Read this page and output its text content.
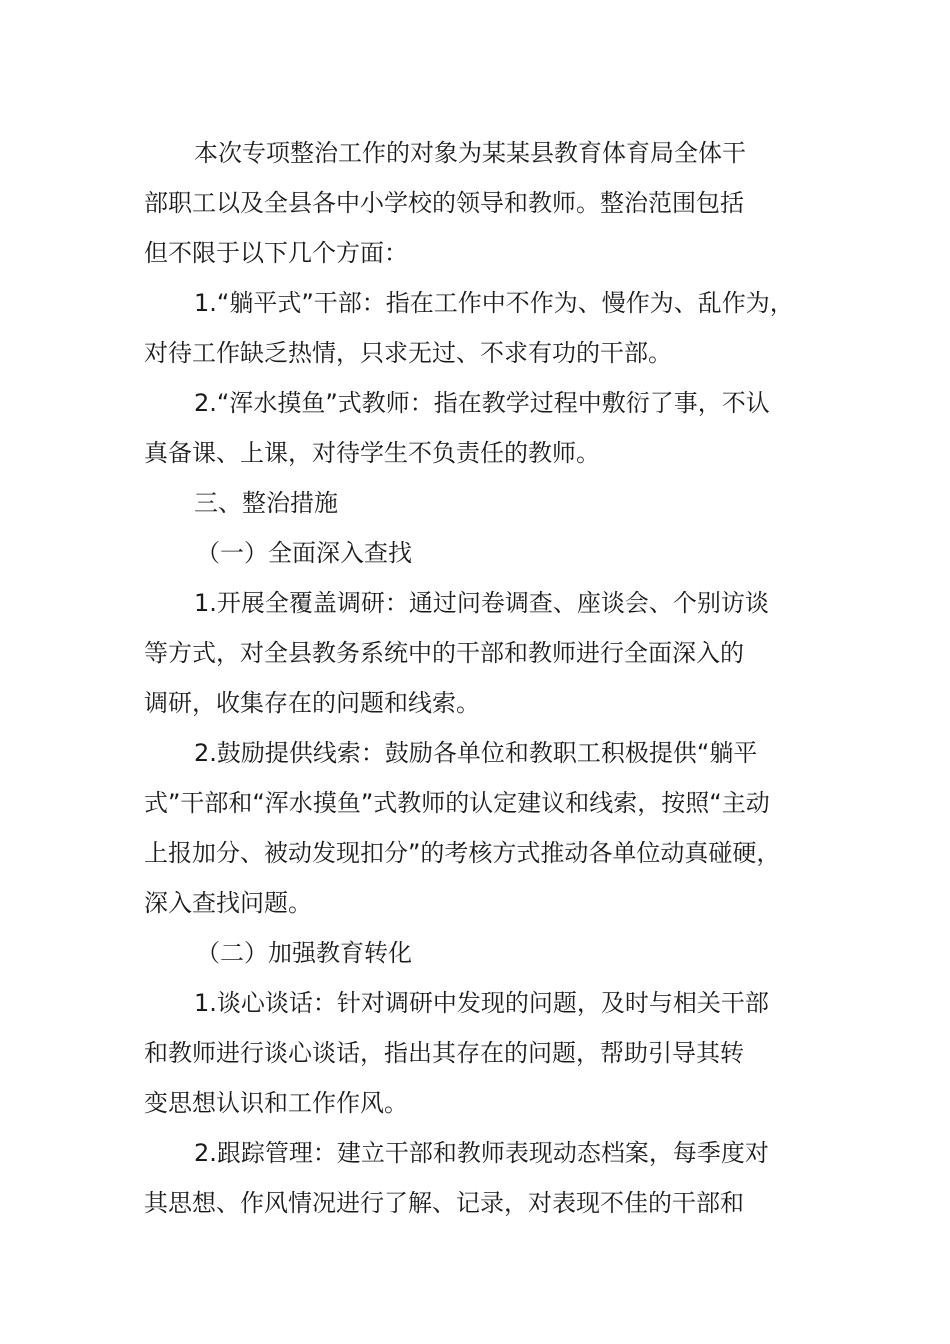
本次专项整治工作的对象为某某县教育体育局全体干
部职工以及全县各中小学校的领导和教师。整治范围包括
但不限于以下几个方面：

1.“躺平式”干部：指在工作中不作为、慢作为、乱作为，
对待工作缺乏热情，只求无过、不求有功的干部。

2.“浑水摸鱼”式教师：指在教学过程中敷衍了事，不认
真备课、上课，对待学生不负责任的教师。

三、整治措施

（一）全面深入查找

1.开展全覆盖调研：通过问卷调查、座谈会、个别访谈
等方式，对全县教务系统中的干部和教师进行全面深入的
调研，收集存在的问题和线索。

2.鼓励提供线索：鼓励各单位和教职工积极提供“躺平
式”干部和“浑水摸鱼”式教师的认定建议和线索，按照“主动
上报加分、被动发现扣分”的考核方式推动各单位动真碰硬，
深入查找问题。

（二）加强教育转化

1.谈心谈话：针对调研中发现的问题，及时与相关干部
和教师进行谈心谈话，指出其存在的问题，帮助引导其转
变思想认识和工作作风。

2.跟踪管理：建立干部和教师表现动态档案，每季度对
其思想、作风情况进行了解、记录，对表现不佳的干部和
